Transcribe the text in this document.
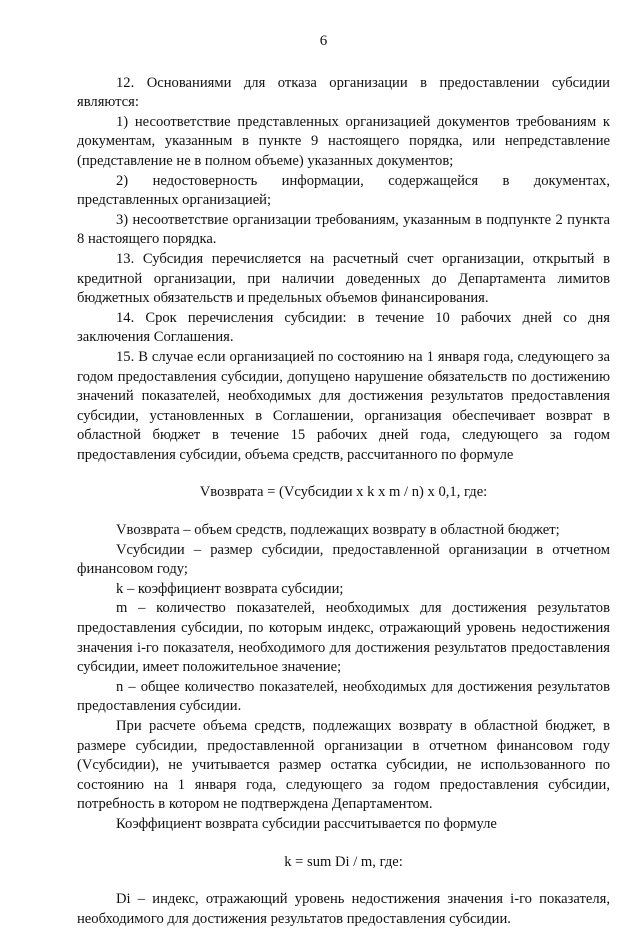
6

12. Основаниями для отказа организации в предоставлении субсидии являются:

1) несоответствие представленных организацией документов требованиям к документам, указанным в пункте 9 настоящего порядка, или непредставление (представление не в полном объеме) указанных документов;

2) недостоверность информации, содержащейся в документах, представленных организацией;

3) несоответствие организации требованиям, указанным в подпункте 2 пункта 8 настоящего порядка.

13. Субсидия перечисляется на расчетный счет организации, открытый в кредитной организации, при наличии доведенных до Департамента лимитов бюджетных обязательств и предельных объемов финансирования.

14. Срок перечисления субсидии: в течение 10 рабочих дней со дня заключения Соглашения.

15. В случае если организацией по состоянию на 1 января года, следующего за годом предоставления субсидии, допущено нарушение обязательств по достижению значений показателей, необходимых для достижения результатов предоставления субсидии, установленных в Соглашении, организация обеспечивает возврат в областной бюджет в течение 15 рабочих дней года, следующего за годом предоставления субсидии, объема средств, рассчитанного по формуле

Vвозврата = (Vсубсидии x k x m / n) x 0,1, где:

Vвозврата – объем средств, подлежащих возврату в областной бюджет;

Vсубсидии – размер субсидии, предоставленной организации в отчетном финансовом году;

k – коэффициент возврата субсидии;

m – количество показателей, необходимых для достижения результатов предоставления субсидии, по которым индекс, отражающий уровень недостижения значения i-го показателя, необходимого для достижения результатов предоставления субсидии, имеет положительное значение;

n – общее количество показателей, необходимых для достижения результатов предоставления субсидии.

При расчете объема средств, подлежащих возврату в областной бюджет, в размере субсидии, предоставленной организации в отчетном финансовом году (Vсубсидии), не учитывается размер остатка субсидии, не использованного по состоянию на 1 января года, следующего за годом предоставления субсидии, потребность в котором не подтверждена Департаментом.

Коэффициент возврата субсидии рассчитывается по формуле

k = sum Di / m, где:

Di – индекс, отражающий уровень недостижения значения i-го показателя, необходимого для достижения результатов предоставления субсидии.
